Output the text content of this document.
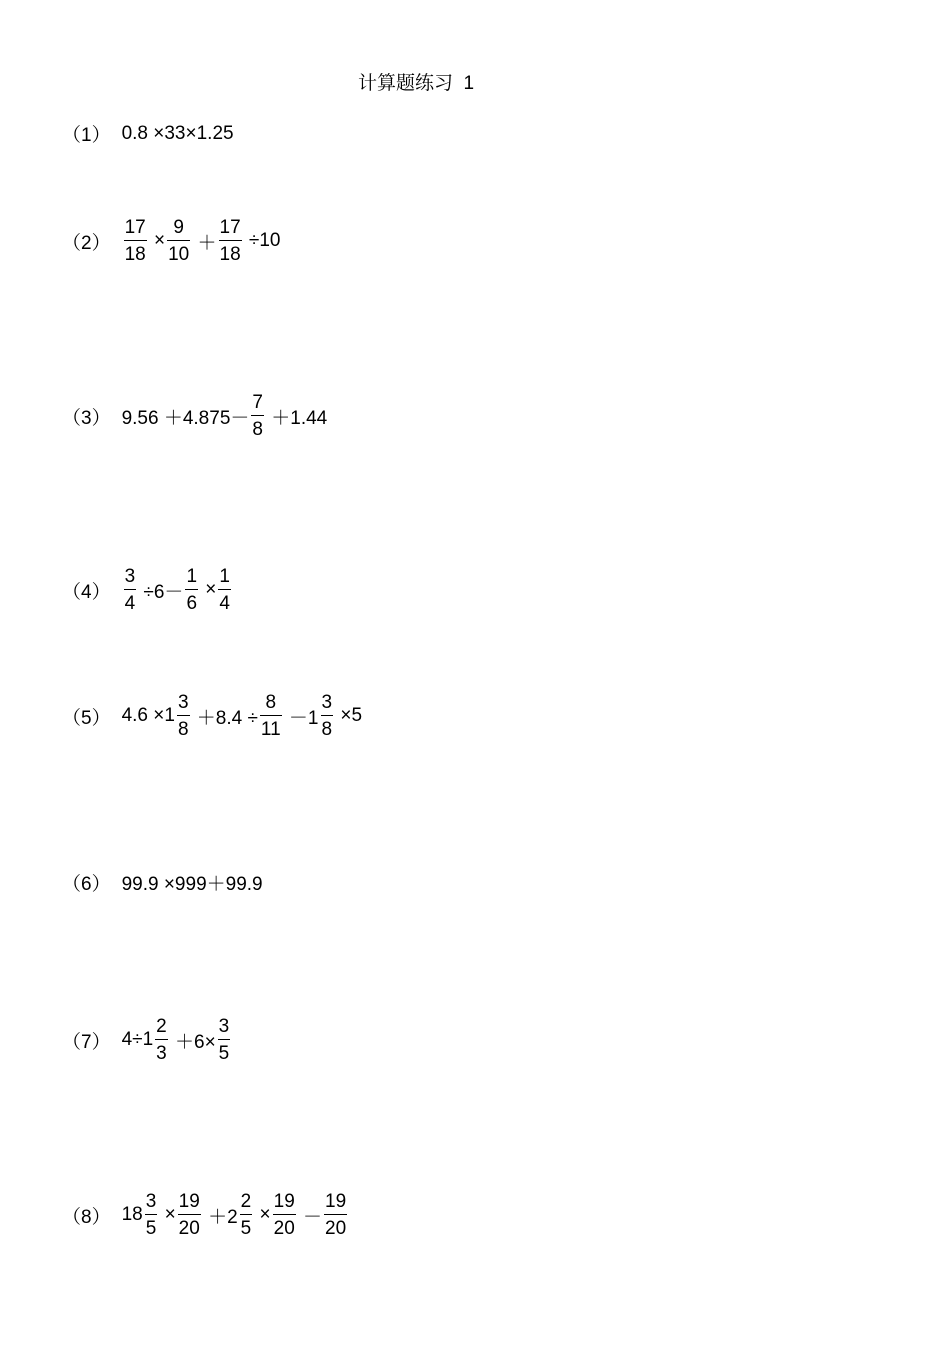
计算题练习  1
（1） 0.8 ×33×1.25
$(2) \frac{17}{18} \times \frac{9}{10} + \frac{17}{18} \div 10$
（3） $9.56 +4.875- \frac{7}{8} +1.44$
$(4) \frac{3}{4} \div 6- \frac{1}{6} \times \frac{1}{4}$
（5） $4.6 \times 1 \frac{3}{8} +8.4 \div \frac{8}{11} -1 \frac{3}{8} \times 5$
（6） 99.9 ×999＋99.9
（7） $4\div 1 \frac{2}{3} +6\times \frac{3}{5}$
（8） $18 \frac{3}{5} \times \frac{19}{20} +2 \frac{2}{5} \times \frac{19}{20} - \frac{19}{20}$
